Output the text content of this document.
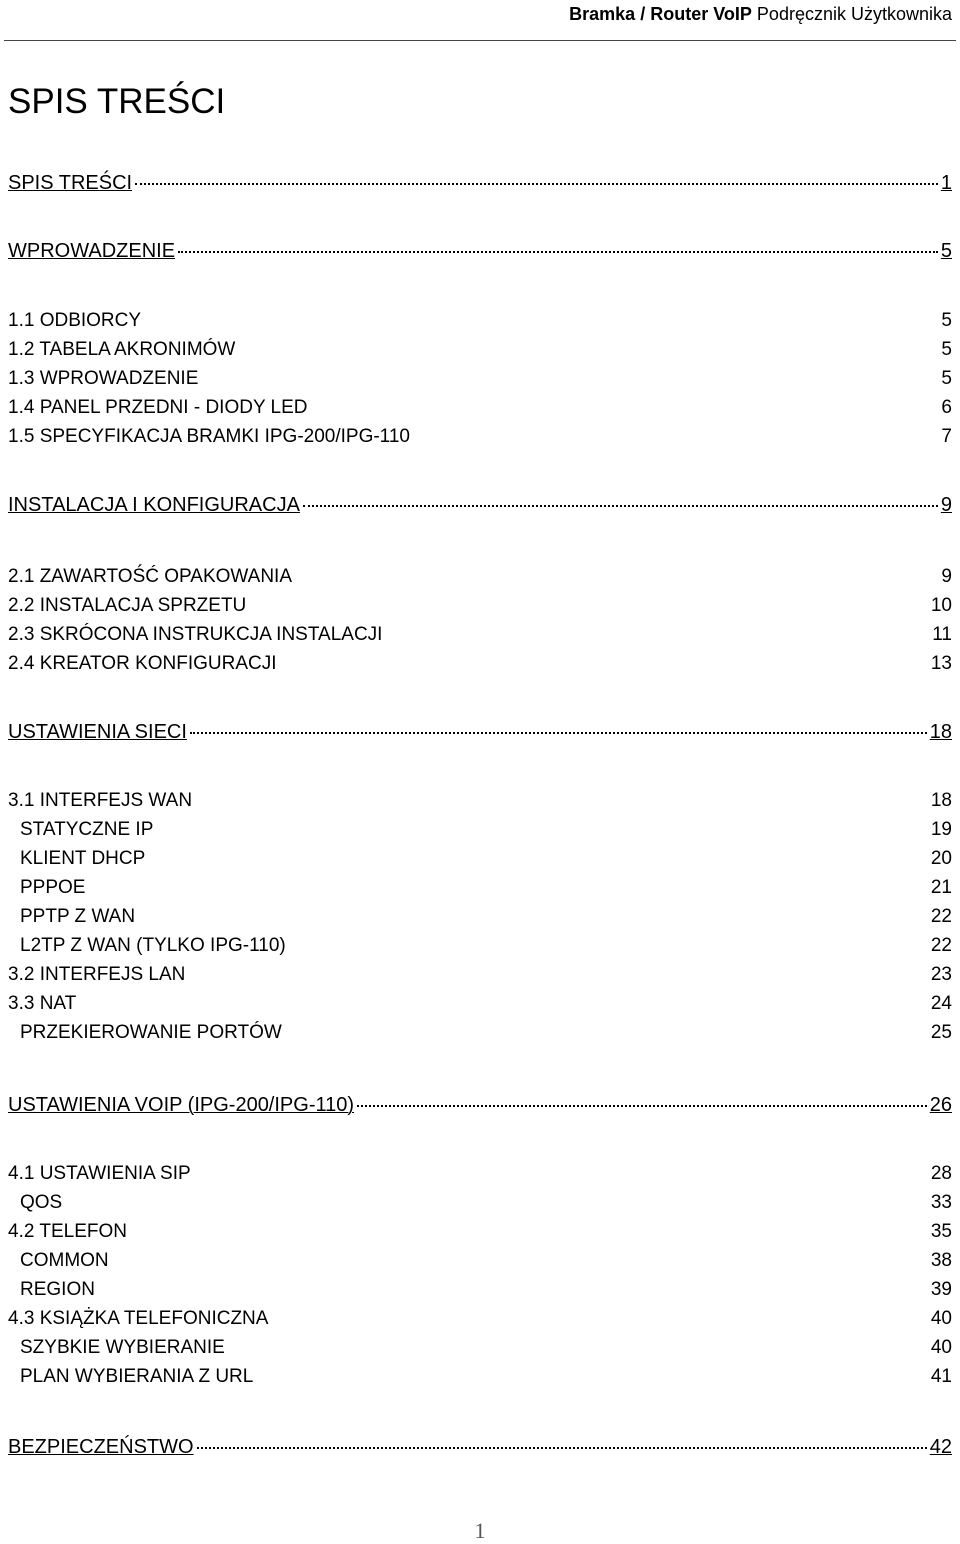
Bramka / Router VoIP Podręcznik Użytkownika
SPIS TREŚCI
SPIS TREŚCI	1
WPROWADZENIE	5
1.1 ODBIORCY	5
1.2 TABELA AKRONIMÓW	5
1.3 WPROWADZENIE	5
1.4 PANEL PRZEDNI - DIODY LED	6
1.5 SPECYFIKACJA BRAMKI IPG-200/IPG-110	7
INSTALACJA I KONFIGURACJA	9
2.1 ZAWARTOŚĆ OPAKOWANIA	9
2.2 INSTALACJA SPRZETU	10
2.3 SKRÓCONA INSTRUKCJA INSTALACJI	11
2.4 KREATOR KONFIGURACJI	13
USTAWIENIA SIECI	18
3.1 INTERFEJS WAN	18
STATYCZNE IP	19
KLIENT DHCP	20
PPPOE	21
PPTP Z WAN	22
L2TP Z WAN (TYLKO IPG-110)	22
3.2 INTERFEJS LAN	23
3.3 NAT	24
PRZEKIEROWANIE PORTÓW	25
USTAWIENIA VOIP (IPG-200/IPG-110)	26
4.1 USTAWIENIA SIP	28
QOS	33
4.2 TELEFON	35
COMMON	38
REGION	39
4.3 KSIĄŻKA TELEFONICZNA	40
SZYBKIE WYBIERANIE	40
PLAN WYBIERANIA Z URL	41
BEZPIECZEŃSTWO	42
1
